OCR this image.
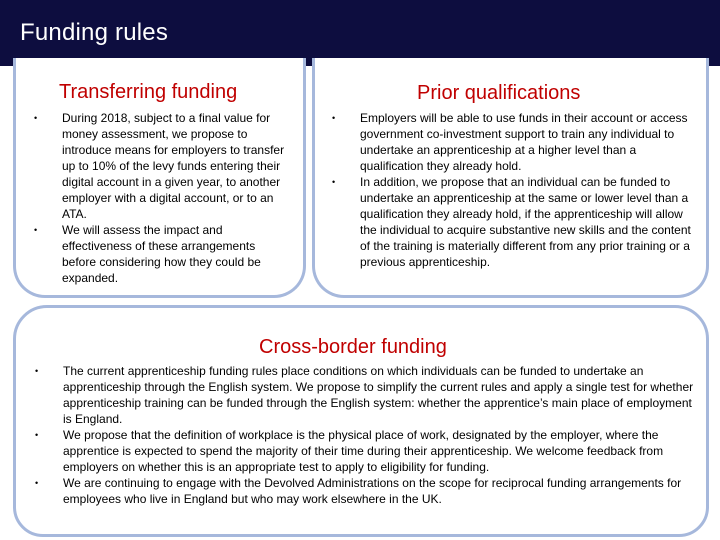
Funding rules
Transferring funding
• During 2018, subject to a final value for money assessment, we propose to introduce means for employers to transfer up to 10% of the levy funds entering their digital account in a given year, to another employer with a digital account, or to an ATA.
• We will assess the impact and effectiveness of these arrangements before considering how they could be expanded.
Prior qualifications
• Employers will be able to use funds in their account or access government co-investment support to train any individual to undertake an apprenticeship at a higher level than a qualification they already hold.
• In addition, we propose that an individual can be funded to undertake an apprenticeship at the same or lower level than a qualification they already hold, if the apprenticeship will allow the individual to acquire substantive new skills and the content of the training is materially different from any prior training or a previous apprenticeship.
Cross-border funding
• The current apprenticeship funding rules place conditions on which individuals can be funded to undertake an apprenticeship through the English system. We propose to simplify the current rules and apply a single test for whether apprenticeship training can be funded through the English system: whether the apprentice’s main place of employment is England.
• We propose that the definition of workplace is the physical place of work, designated by the employer, where the apprentice is expected to spend the majority of their time during their apprenticeship. We welcome feedback from employers on whether this is an appropriate test to apply to eligibility for funding.
• We are continuing to engage with the Devolved Administrations on the scope for reciprocal funding arrangements for employees who live in England but who may work elsewhere in the UK.
